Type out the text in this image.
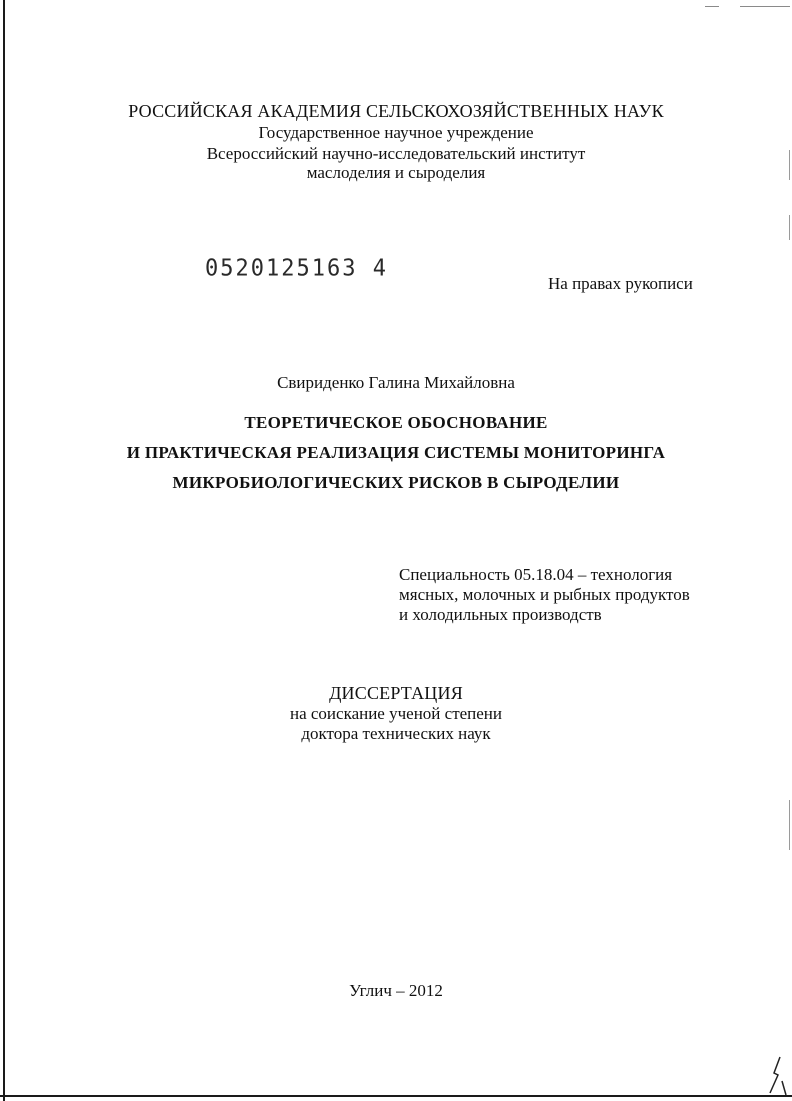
РОССИЙСКАЯ АКАДЕМИЯ СЕЛЬСКОХОЗЯЙСТВЕННЫХ НАУК
Государственное научное учреждение
Всероссийский научно-исследовательский институт
маслоделия и сыроделия
0520125163 4
На правах рукописи
Свириденко Галина Михайловна
ТЕОРЕТИЧЕСКОЕ ОБОСНОВАНИЕ
И ПРАКТИЧЕСКАЯ РЕАЛИЗАЦИЯ СИСТЕМЫ МОНИТОРИНГА
МИКРОБИОЛОГИЧЕСКИХ РИСКОВ В СЫРОДЕЛИИ
Специальность 05.18.04 – технология
мясных, молочных и рыбных продуктов
и холодильных производств
ДИССЕРТАЦИЯ
на соискание ученой степени
доктора технических наук
Углич – 2012
